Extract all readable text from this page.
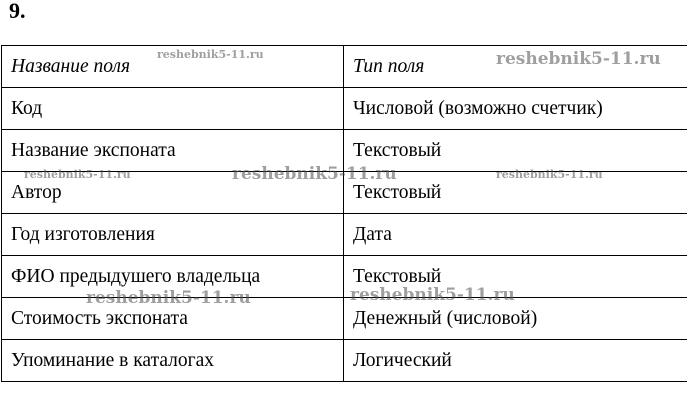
9.
Название поля	Тип поля
Код	Числовой (возможно счетчик)
Название экспоната	Текстовый
Автор	Текстовый
Год изготовления	Дата
ФИО предыдушего владельца	Текстовый
Стоимость экспоната	Денежный (числовой)
Упоминание в каталогах	Логический
reshebnik5-11.ru	reshebnik5-11.ru
reshebnik5-11.ru	reshebnik5-11.ru	reshebnik5-11.ru
reshebnik5-11.ru	reshebnik5-11.ru
